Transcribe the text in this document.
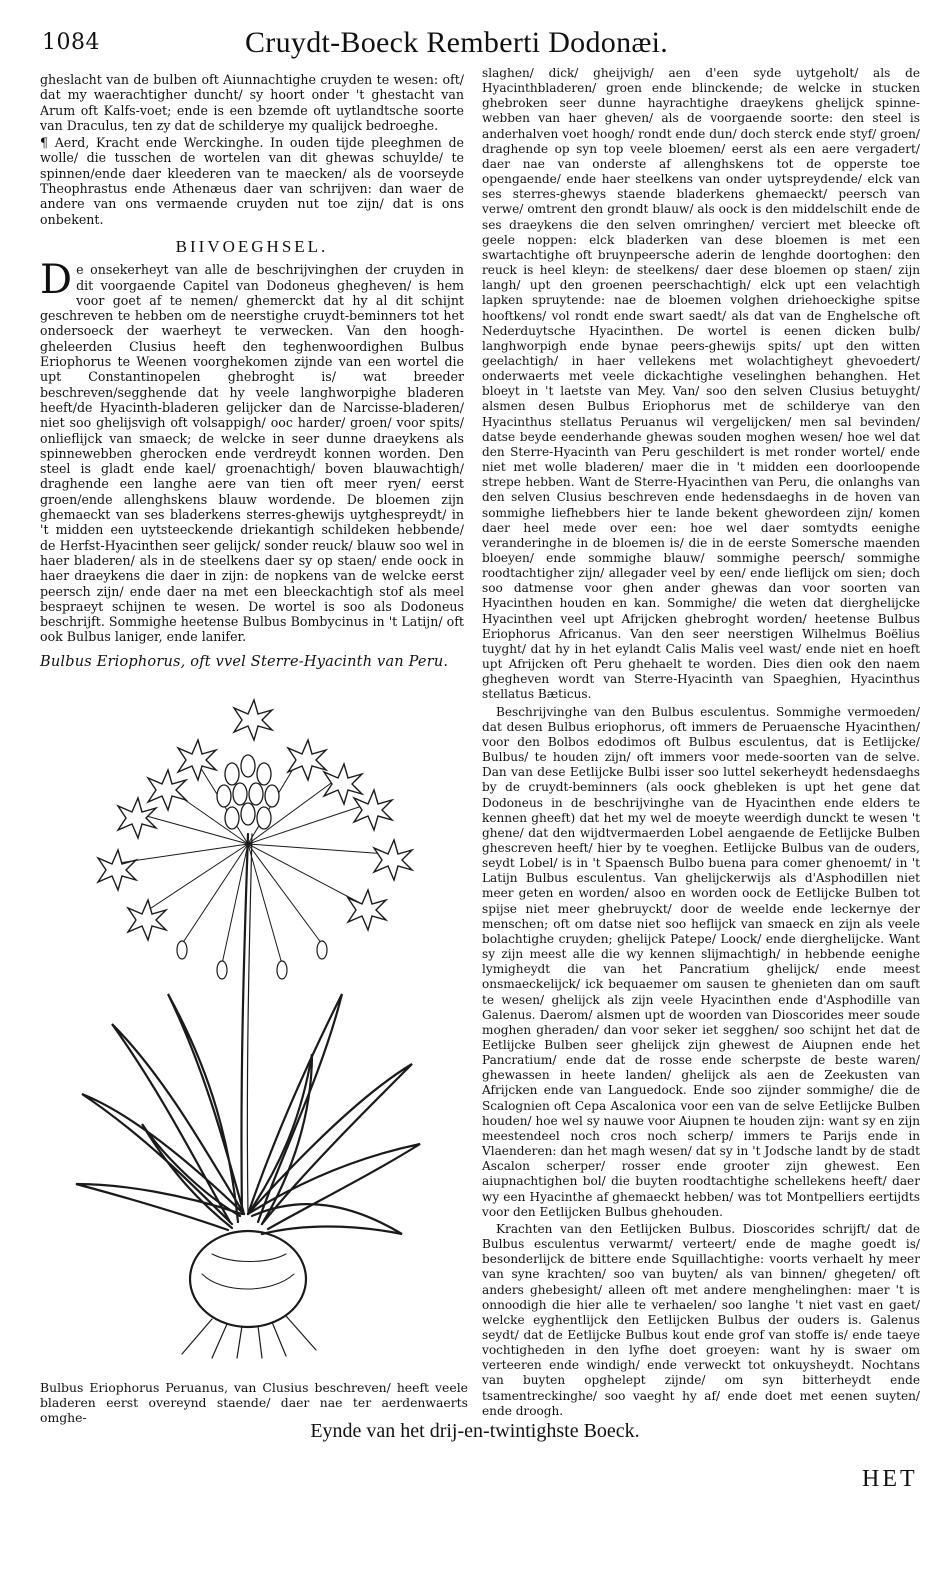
1084	Cruydt-Boeck Remberti Dodonæi.

gheslacht van de bulben oft Aiunnachtighe cruyden te wesen: oft/ dat my waerachtigher duncht/ sy hoort onder 't ghestacht van Arum oft Kalfs-voet; ende is een bzemde oft uytlandtsche soorte van Draculus, ten zy dat de schilderye my qualijck bedroeghe.

¶ Aerd, Kracht ende Werckinghe. In ouden tijde pleeghmen de wolle/ die tusschen de wortelen van dit ghewas schuylde/ te spinnen/ende daer kleederen van te maecken/ als de voorseyde Theophrastus ende Athenæus daer van schrijven: dan waer de andere van ons vermaende cruyden nut toe zijn/ dat is ons onbekent.

BIIVOEGHSEL.

De onsekerheyt van alle de beschrijvinghen der cruyden in dit voorgaende Capitel van Dodoneus ghegheven/ is hem voor goet af te nemen/ ghemerckt dat hy al dit schijnt geschreven te hebben om de neerstighe cruydt-beminners tot het ondersoeck der waerheyt te verwecken. Van den hoogh-gheleerden Clusius heeft den teghenwoordighen Bulbus Eriophorus te Weenen voorghekomen zijnde van een wortel die upt Constantinopelen ghebroght is/ wat breeder beschreven/segghende dat hy veele langhworpighe bladeren heeft/de Hyacinth-bladeren gelijcker dan de Narcisse-bladeren/ niet soo ghelijsvigh oft volsappigh/ ooc harder/ groen/ voor spits/ onlieflijck van smaeck; de welcke in seer dunne draeykens als spinnewebben gherocken ende verdreydt konnen worden. Den steel is gladt ende kael/ groenachtigh/ boven blauwachtigh/ draghende een langhe aere van tien oft meer ryen/ eerst groen/ende allenghskens blauw wordende. De bloemen zijn ghemaeckt van ses bladerkens sterres-ghewijs uytghespreydt/ in 't midden een uytsteeckende driekantigh schildeken hebbende/ de Herfst-Hyacinthen seer gelijck/ sonder reuck/ blauw soo wel in haer bladeren/ als in de steelkens daer sy op staen/ ende oock in haer draeykens die daer in zijn: de nopkens van de welcke eerst peersch zijn/ ende daer na met een bleeckachtigh stof als meel bespraeyt schijnen te wesen. De wortel is soo als Dodoneus beschrijft. Sommighe heetense Bulbus Bombycinus in 't Latijn/ oft ook Bulbus laniger, ende lanifer.

Bulbus Eriophorus, oft vvel Sterre-Hyacinth van Peru.

Bulbus Eriophorus Peruanus, van Clusius beschreven/ heeft veele bladeren eerst overeynd staende/ daer nae ter aerdenwaerts omghe-

slaghen/ dick/ gheijvigh/ aen d'een syde uytgeholt/ als de Hyacinthbladeren/ groen ende blinckende; de welcke in stucken ghebroken seer dunne hayrachtighe draeykens ghelijck spinne-webben van haer gheven/ als de voorgaende soorte: den steel is anderhalven voet hoogh/ rondt ende dun/ doch sterck ende styf/ groen/ draghende op syn top veele bloemen/ eerst als een aere vergadert/ daer nae van onderste af allenghskens tot de opperste toe opengaende/ ende haer steelkens van onder uytspreydende/ elck van ses sterres-ghewys staende bladerkens ghemaeckt/ peersch van verwe/ omtrent den grondt blauw/ als oock is den middelschilt ende de ses draeykens die den selven omringhen/ verciert met bleecke oft geele noppen: elck bladerken van dese bloemen is met een swartachtighe oft bruynpeersche aderin de lenghde doortoghen: den reuck is heel kleyn: de steelkens/ daer dese bloemen op staen/ zijn langh/ upt den groenen peerschachtigh/ elck upt een velachtigh lapken spruytende: nae de bloemen volghen driehoeckighe spitse hooftkens/ vol rondt ende swart saedt/ als dat van de Enghelsche oft Nederduytsche Hyacinthen. De wortel is eenen dicken bulb/ langhworpigh ende bynae peers-ghewijs spits/ upt den witten geelachtigh/ in haer vellekens met wolachtigheyt ghevoedert/ onderwaerts met veele dickachtighe veselinghen behanghen. Het bloeyt in 't laetste van Mey. Van/ soo den selven Clusius betuyght/ alsmen desen Bulbus Eriophorus met de schilderye van den Hyacinthus stellatus Peruanus wil vergelijcken/ men sal bevinden/ datse beyde eenderhande ghewas souden moghen wesen/ hoe wel dat den Sterre-Hyacinth van Peru geschildert is met ronder wortel/ ende niet met wolle bladeren/ maer die in 't midden een doorloopende strepe hebben. Want de Sterre-Hyacinthen van Peru, die onlanghs van den selven Clusius beschreven ende hedensdaeghs in de hoven van sommighe liefhebbers hier te lande bekent ghewordeen zijn/ komen daer heel mede over een: hoe wel daer somtydts eenighe veranderinghe in de bloemen is/ die in de eerste Somersche maenden bloeyen/ ende sommighe blauw/ sommighe peersch/ sommighe roodtachtigher zijn/ allegader veel by een/ ende lieflijck om sien; doch soo datmense voor ghen ander ghewas dan voor soorten van Hyacinthen houden en kan. Sommighe/ die weten dat dierghelijcke Hyacinthen veel upt Afrijcken ghebroght worden/ heetense Bulbus Eriophorus Africanus. Van den seer neerstigen Wilhelmus Boëlius tuyght/ dat hy in het eylandt Calis Malis veel wast/ ende niet en hoeft upt Afrijcken oft Peru ghehaelt te worden. Dies dien ook den naem ghegheven wordt van Sterre-Hyacinth van Spaeghien, Hyacinthus stellatus Bæticus.

Beschrijvinghe van den Bulbus esculentus. Sommighe vermoeden/ dat desen Bulbus eriophorus, oft immers de Peruaensche Hyacinthen/ voor den Bolbos edodimos oft Bulbus esculentus, dat is Eetlijcke/ Bulbus/ te houden zijn/ oft immers voor mede-soorten van de selve. Dan van dese Eetlijcke Bulbi isser soo luttel sekerheydt hedensdaeghs by de cruydt-beminners (als oock ghebleken is upt het gene dat Dodoneus in de beschrijvinghe van de Hyacinthen ende elders te kennen gheeft) dat het my wel de moeyte weerdigh dunckt te wesen 't ghene/ dat den wijdtvermaerden Lobel aengaende de Eetlijcke Bulben ghescreven heeft/ hier by te voeghen. Eetlijcke Bulbus van de ouders, seydt Lobel/ is in 't Spaensch Bulbo buena para comer ghenoemt/ in 't Latijn Bulbus esculentus. Van ghelijckerwijs als d'Asphodillen niet meer geten en worden/ alsoo en worden oock de Eetlijcke Bulben tot spijse niet meer ghebruyckt/ door de weelde ende leckernye der menschen; oft om datse niet soo heflijck van smaeck en zijn als veele bolachtighe cruyden; ghelijck Patepe/ Loock/ ende dierghelijcke. Want sy zijn meest alle die wy kennen slijmachtigh/ in hebbende eenighe lymigheydt die van het Pancratium ghelijck/ ende meest onsmaeckelijck/ ick bequaemer om sausen te ghenieten dan om sauft te wesen/ ghelijck als zijn veele Hyacinthen ende d'Asphodille van Galenus. Daerom/ alsmen upt de woorden van Dioscorides meer soude moghen gheraden/ dan voor seker iet segghen/ soo schijnt het dat de Eetlijcke Bulben seer ghelijck zijn ghewest de Aiupnen ende het Pancratium/ ende dat de rosse ende scherpste de beste waren/ ghewassen in heete landen/ ghelijck als aen de Zeekusten van Afrijcken ende van Languedock. Ende soo zijnder sommighe/ die de Scalognien oft Cepa Ascalonica voor een van de selve Eetlijcke Bulben houden/ hoe wel sy nauwe voor Aiupnen te houden zijn: want sy en zijn meestendeel noch cros noch scherp/ immers te Parijs ende in Vlaenderen: dan het magh wesen/ dat sy in 't Jodsche landt by de stadt Ascalon scherper/ rosser ende grooter zijn ghewest. Een aiupnachtighen bol/ die buyten roodtachtighe schellekens heeft/ daer wy een Hyacinthe af ghemaeckt hebben/ was tot Montpelliers eertijdts voor den Eetlijcken Bulbus ghehouden.

Krachten van den Eetlijcken Bulbus. Dioscorides schrijft/ dat de Bulbus esculentus verwarmt/ verteert/ ende de maghe goedt is/ besonderlijck de bittere ende Squillachtighe: voorts verhaelt hy meer van syne krachten/ soo van buyten/ als van binnen/ ghegeten/ oft anders ghebesight/ alleen oft met andere menghelinghen: maer 't is onnoodigh die hier alle te verhaelen/ soo langhe 't niet vast en gaet/ welcke eyghentlijck den Eetlijcken Bulbus der ouders is. Galenus seydt/ dat de Eetlijcke Bulbus kout ende grof van stoffe is/ ende taeye vochtigheden in den lyfhe doet groeyen: want hy is swaer om verteeren ende windigh/ ende verweckt tot onkuysheydt. Nochtans van buyten opghelept zijnde/ om syn bitterheydt ende tsamentreckinghe/ soo vaeght hy af/ ende doet met eenen suyten/ ende droogh.

Eynde van het drij-en-twintighste Boeck.
HET
